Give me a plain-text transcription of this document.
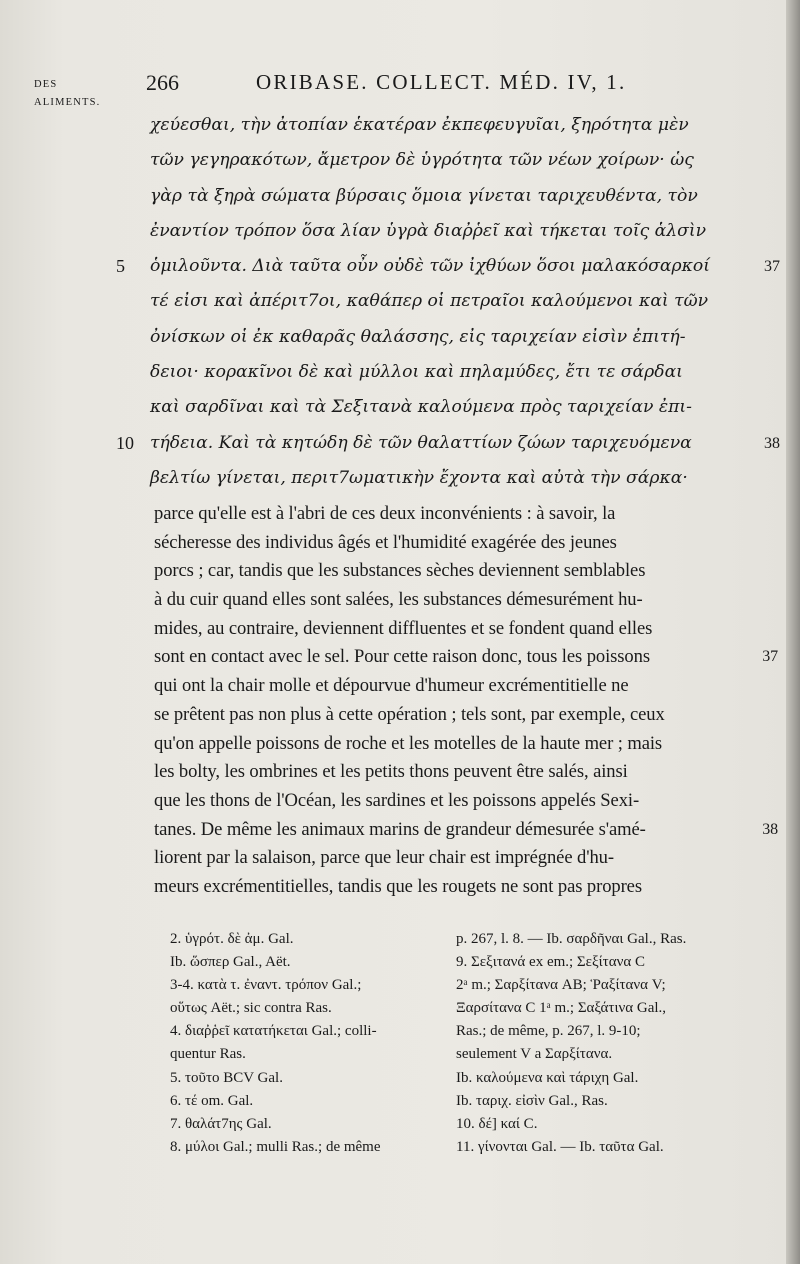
DES
ALIMENTS.
266	ORIBASE. COLLECT. MÉD. IV, 1.
χεύεσθαι, τὴν ἀτοπίαν ἑκατέραν ἐκπεφευγυῖαι, ξηρότητα μὲν
τῶν γεγηρακότων, ἄμετρον δὲ ὑγρότητα τῶν νέων χοίρων· ὡς
γὰρ τὰ ξηρὰ σώματα βύρσαις ὅμοια γίνεται ταριχευθέντα, τὸν
ἐναντίον τρόπον ὅσα λίαν ὑγρὰ διαῤῥεῖ καὶ τήκεται τοῖς ἁλσὶν
ὁμιλοῦντα. Διὰ ταῦτα οὖν οὐδὲ τῶν ἰχθύων ὅσοι μαλακόσαρκοί
5	37
τέ εἰσι καὶ ἀπέριτ7οι, καθάπερ οἱ πετραῖοι καλούμενοι καὶ τῶν
ὀνίσκων οἱ ἐκ καθαρᾶς θαλάσσης, εἰς ταριχείαν εἰσὶν ἐπιτή-
δειοι· κορακῖνοι δὲ καὶ μύλλοι καὶ πηλαμύδες, ἔτι τε σάρδαι
καὶ σαρδῖναι καὶ τὰ Σεξιτανὰ καλούμενα πρὸς ταριχείαν ἐπι-
τήδεια. Καὶ τὰ κητώδη δὲ τῶν θαλαττίων ζώων ταριχευόμενα
10	38
βελτίω γίνεται, περιτ7ωματικὴν ἔχοντα καὶ αὐτὰ τὴν σάρκα·
parce qu'elle est à l'abri de ces deux inconvénients : à savoir, la
sécheresse des individus âgés et l'humidité exagérée des jeunes
porcs ; car, tandis que les substances sèches deviennent semblables
à du cuir quand elles sont salées, les substances démesurément hu-
mides, au contraire, deviennent diffluentes et se fondent quand elles
sont en contact avec le sel. Pour cette raison donc, tous les poissons	37
qui ont la chair molle et dépourvue d'humeur excrémentitielle ne
se prêtent pas non plus à cette opération ; tels sont, par exemple, ceux
qu'on appelle poissons de roche et les motelles de la haute mer ; mais
les bolty, les ombrines et les petits thons peuvent être salés, ainsi
que les thons de l'Océan, les sardines et les poissons appelés Sexi-
tanes. De même les animaux marins de grandeur démesurée s'amé-	38
liorent par la salaison, parce que leur chair est imprégnée d'hu-
meurs excrémentitielles, tandis que les rougets ne sont pas propres
2. ὑγρότ. δὲ ἀμ. Gal.
Ib. ὥσπερ Gal., Aët.
3-4. κατὰ τ. ἐναντ. τρόπον Gal.;
οὕτως Aët.; sic contra Ras.
4. διαῤῥεῖ κατατήκεται Gal.; colli-
quentur Ras.
5. τοῦτο BCV Gal.
6. τέ om. Gal.
7. θαλάτ7ης Gal.
8. μύλοι Gal.; mulli Ras.; de même
p. 267, l. 8. — Ib. σαρδῆναι Gal., Ras.
9. Σεξιτανά ex em.; Σεξίτανα C
2ᵃ m.; Σαρξίτανα AB; Ῥαξίτανα V;
Ξαρσίτανα C 1ᵃ m.; Σαξάτινα Gal.,
Ras.; de même, p. 267, l. 9-10;
seulement V a Σαρξίτανα.
Ib. καλούμενα καὶ τάριχη Gal.
Ib. ταριχ. εἰσὶν Gal., Ras.
10. δέ] καί C.
11. γίνονται Gal. — Ib. ταῦτα Gal.
